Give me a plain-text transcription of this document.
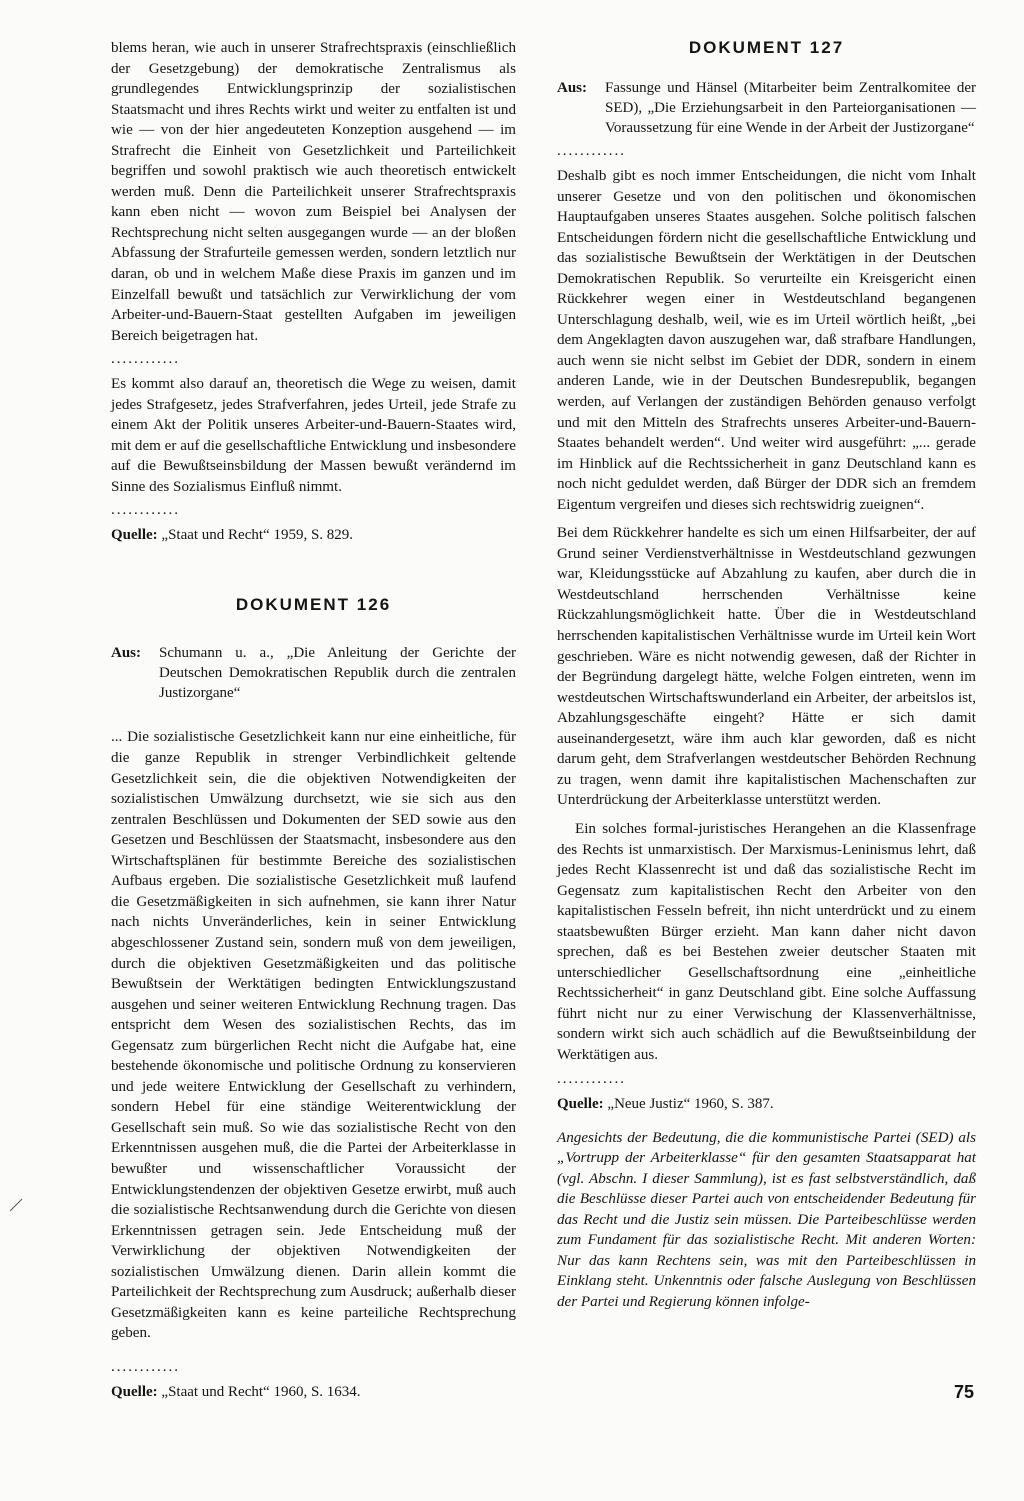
blems heran, wie auch in unserer Strafrechtspraxis (einschließlich der Gesetzgebung) der demokratische Zentralismus als grundlegendes Entwicklungsprinzip der sozialistischen Staatsmacht und ihres Rechts wirkt und weiter zu entfalten ist und wie — von der hier angedeuteten Konzeption ausgehend — im Strafrecht die Einheit von Gesetzlichkeit und Parteilichkeit begriffen und sowohl praktisch wie auch theoretisch entwickelt werden muß. Denn die Parteilichkeit unserer Strafrechtspraxis kann eben nicht — wovon zum Beispiel bei Analysen der Rechtsprechung nicht selten ausgegangen wurde — an der bloßen Abfassung der Strafurteile gemessen werden, sondern letztlich nur daran, ob und in welchem Maße diese Praxis im ganzen und im Einzelfall bewußt und tatsächlich zur Verwirklichung der vom Arbeiter-und-Bauern-Staat gestellten Aufgaben im jeweiligen Bereich beigetragen hat.

............

Es kommt also darauf an, theoretisch die Wege zu weisen, damit jedes Strafgesetz, jedes Strafverfahren, jedes Urteil, jede Strafe zu einem Akt der Politik unseres Arbeiter-und-Bauern-Staates wird, mit dem er auf die gesellschaftliche Entwicklung und insbesondere auf die Bewußtseinsbildung der Massen bewußt verändernd im Sinne des Sozialismus Einfluß nimmt.

............
Quelle: „Staat und Recht“ 1959, S. 829.
DOKUMENT 126
Aus:	Schumann u. a., „Die Anleitung der Gerichte der Deutschen Demokratischen Republik durch die zentralen Justizorgane“

... Die sozialistische Gesetzlichkeit kann nur eine einheitliche, für die ganze Republik in strenger Verbindlichkeit geltende Gesetzlichkeit sein, die die objektiven Notwendigkeiten der sozialistischen Umwälzung durchsetzt, wie sie sich aus den zentralen Beschlüssen und Dokumenten der SED sowie aus den Gesetzen und Beschlüssen der Staatsmacht, insbesondere aus den Wirtschaftsplänen für bestimmte Bereiche des sozialistischen Aufbaus ergeben. Die sozialistische Gesetzlichkeit muß laufend die Gesetzmäßigkeiten in sich aufnehmen, sie kann ihrer Natur nach nichts Unveränderliches, kein in seiner Entwicklung abgeschlossener Zustand sein, sondern muß von dem jeweiligen, durch die objektiven Gesetzmäßigkeiten und das politische Bewußtsein der Werktätigen bedingten Entwicklungszustand ausgehen und seiner weiteren Entwicklung Rechnung tragen. Das entspricht dem Wesen des sozialistischen Rechts, das im Gegensatz zum bürgerlichen Recht nicht die Aufgabe hat, eine bestehende ökonomische und politische Ordnung zu konservieren und jede weitere Entwicklung der Gesellschaft zu verhindern, sondern Hebel für eine ständige Weiterentwicklung der Gesellschaft sein muß. So wie das sozialistische Recht von den Erkenntnissen ausgehen muß, die die Partei der Arbeiterklasse in bewußter und wissenschaftlicher Voraussicht der Entwicklungstendenzen der objektiven Gesetze erwirbt, muß auch die sozialistische Rechtsanwendung durch die Gerichte von diesen Erkenntnissen getragen sein. Jede Entscheidung muß der Verwirklichung der objektiven Notwendigkeiten der sozialistischen Umwälzung dienen. Darin allein kommt die Parteilichkeit der Rechtsprechung zum Ausdruck; außerhalb dieser Gesetzmäßigkeiten kann es keine parteiliche Rechtsprechung geben.

............
Quelle: „Staat und Recht“ 1960, S. 1634.
DOKUMENT 127
Aus:	Fassunge und Hänsel (Mitarbeiter beim Zentralkomitee der SED), „Die Erziehungsarbeit in den Parteiorganisationen — Voraussetzung für eine Wende in der Arbeit der Justizorgane“
............

Deshalb gibt es noch immer Entscheidungen, die nicht vom Inhalt unserer Gesetze und von den politischen und ökonomischen Hauptaufgaben unseres Staates ausgehen. Solche politisch falschen Entscheidungen fördern nicht die gesellschaftliche Entwicklung und das sozialistische Bewußtsein der Werktätigen in der Deutschen Demokratischen Republik. So verurteilte ein Kreisgericht einen Rückkehrer wegen einer in Westdeutschland begangenen Unterschlagung deshalb, weil, wie es im Urteil wörtlich heißt, „bei dem Angeklagten davon auszugehen war, daß strafbare Handlungen, auch wenn sie nicht selbst im Gebiet der DDR, sondern in einem anderen Lande, wie in der Deutschen Bundesrepublik, begangen werden, auf Verlangen der zuständigen Behörden genauso verfolgt und mit den Mitteln des Strafrechts unseres Arbeiter-und-Bauern-Staates behandelt werden“. Und weiter wird ausgeführt: „... gerade im Hinblick auf die Rechtssicherheit in ganz Deutschland kann es noch nicht geduldet werden, daß Bürger der DDR sich an fremdem Eigentum vergreifen und dieses sich rechtswidrig zueignen“.

Bei dem Rückkehrer handelte es sich um einen Hilfsarbeiter, der auf Grund seiner Verdienstverhältnisse in Westdeutschland gezwungen war, Kleidungsstücke auf Abzahlung zu kaufen, aber durch die in Westdeutschland herrschenden Verhältnisse keine Rückzahlungsmöglichkeit hatte. Über die in Westdeutschland herrschenden kapitalistischen Verhältnisse wurde im Urteil kein Wort geschrieben. Wäre es nicht notwendig gewesen, daß der Richter in der Begründung dargelegt hätte, welche Folgen eintreten, wenn im westdeutschen Wirtschaftswunderland ein Arbeiter, der arbeitslos ist, Abzahlungsgeschäfte eingeht? Hätte er sich damit auseinandergesetzt, wäre ihm auch klar geworden, daß es nicht darum geht, dem Strafverlangen westdeutscher Behörden Rechnung zu tragen, wenn damit ihre kapitalistischen Machenschaften zur Unterdrückung der Arbeiterklasse unterstützt werden.

Ein solches formal-juristisches Herangehen an die Klassenfrage des Rechts ist unmarxistisch. Der Marxismus-Leninismus lehrt, daß jedes Recht Klassenrecht ist und daß das sozialistische Recht im Gegensatz zum kapitalistischen Recht den Arbeiter von den kapitalistischen Fesseln befreit, ihn nicht unterdrückt und zu einem staatsbewußten Bürger erzieht. Man kann daher nicht davon sprechen, daß es bei Bestehen zweier deutscher Staaten mit unterschiedlicher Gesellschaftsordnung eine „einheitliche Rechtssicherheit“ in ganz Deutschland gibt. Eine solche Auffassung führt nicht nur zu einer Verwischung der Klassenverhältnisse, sondern wirkt sich auch schädlich auf die Bewußtseinbildung der Werktätigen aus.

............
Quelle: „Neue Justiz“ 1960, S. 387.

Angesichts der Bedeutung, die die kommunistische Partei (SED) als „Vortrupp der Arbeiterklasse“ für den gesamten Staatsapparat hat (vgl. Abschn. I dieser Sammlung), ist es fast selbstverständlich, daß die Beschlüsse dieser Partei auch von entscheidender Bedeutung für das Recht und die Justiz sein müssen. Die Parteibeschlüsse werden zum Fundament für das sozialistische Recht. Mit anderen Worten: Nur das kann Rechtens sein, was mit den Parteibeschlüssen in Einklang steht. Unkenntnis oder falsche Auslegung von Beschlüssen der Partei und Regierung können infolge-

75
